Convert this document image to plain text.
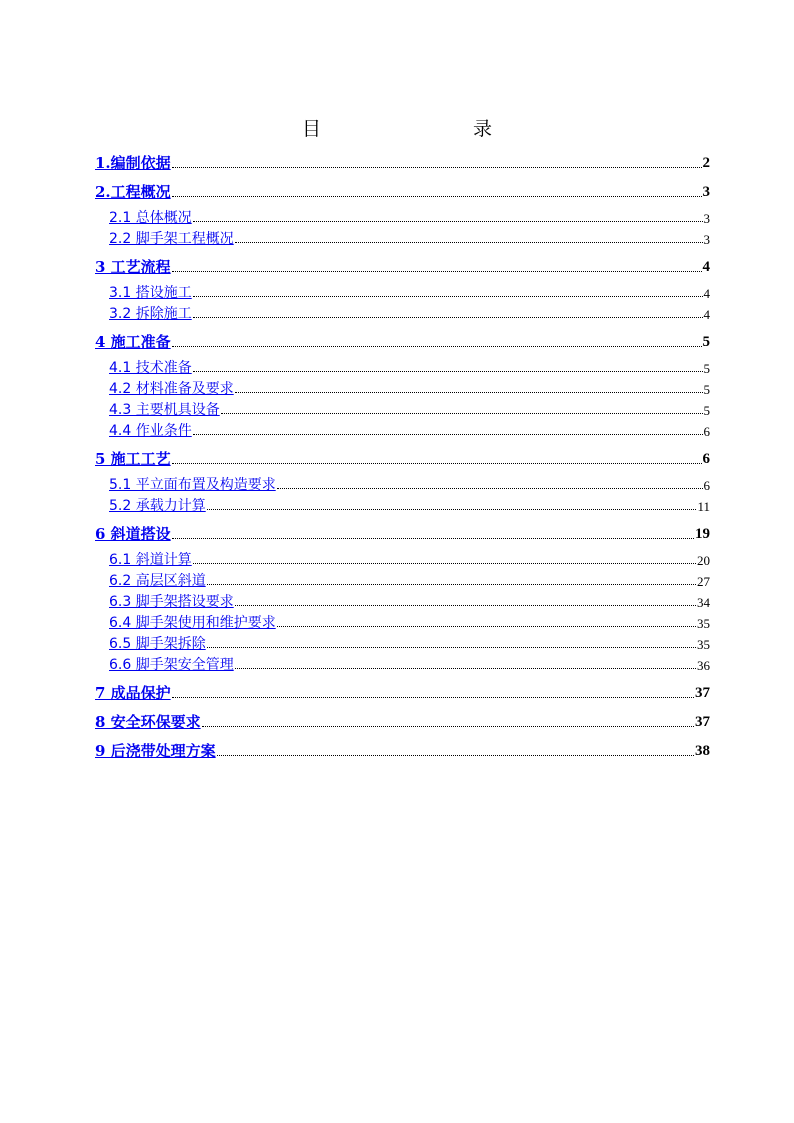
目　　录
1.编制依据	2
2.工程概况	3
2.1 总体概况	3
2.2 脚手架工程概况	3
3 工艺流程	4
3.1 搭设施工	4
3.2 拆除施工	4
4 施工准备	5
4.1 技术准备	5
4.2 材料准备及要求	5
4.3 主要机具设备	5
4.4 作业条件	6
5 施工工艺	6
5.1 平立面布置及构造要求	6
5.2 承载力计算	11
6 斜道搭设	19
6.1 斜道计算	20
6.2 高层区斜道	27
6.3 脚手架搭设要求	34
6.4 脚手架使用和维护要求	35
6.5 脚手架拆除	35
6.6 脚手架安全管理	36
7 成品保护	37
8 安全环保要求	37
9 后浇带处理方案	38
